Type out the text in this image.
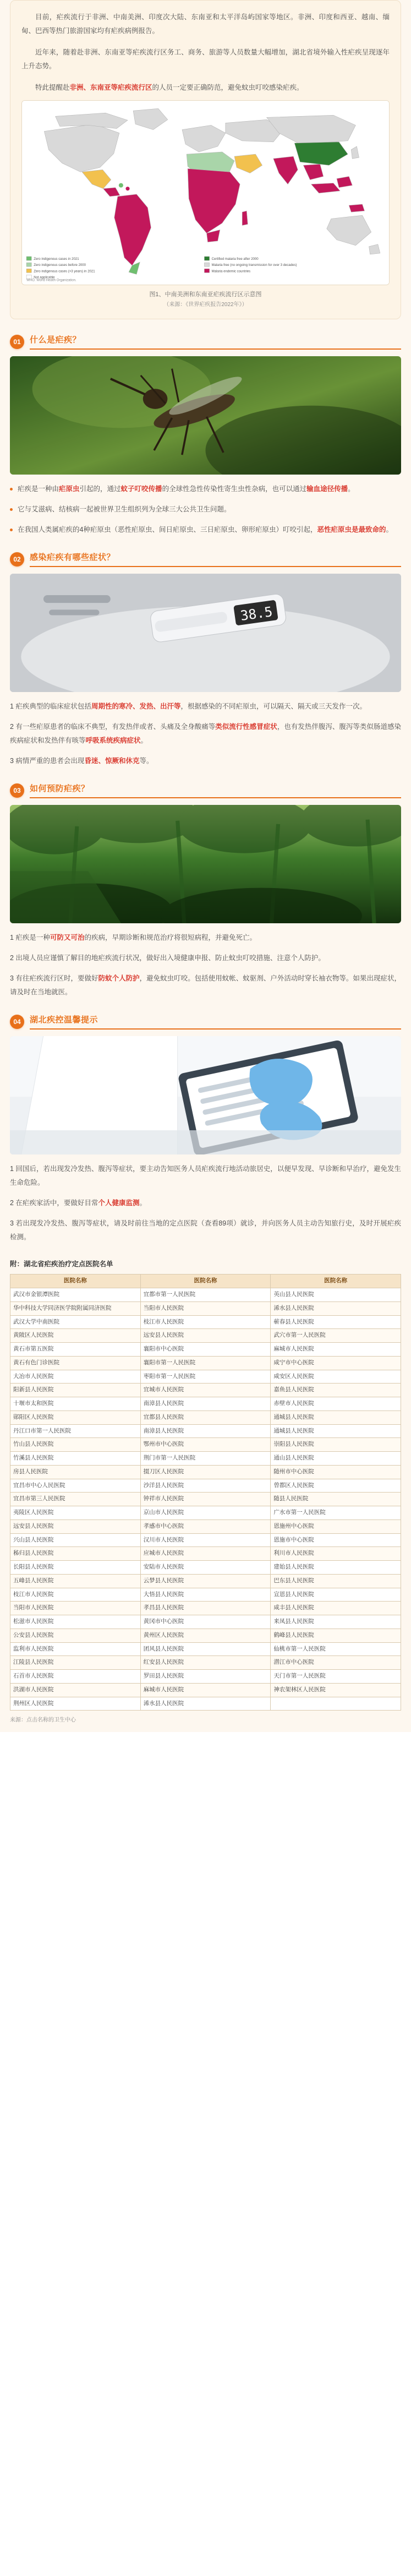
目前，疟疾流行于非洲、中南美洲、印度次大陆、东南亚和太平洋岛屿国家等地区。非洲、印度和西亚、越南、缅甸、巴西等热门旅游国家均有疟疾病例报告。

近年来，随着赴非洲、东南亚等疟疾流行区务工、商务、旅游等人员数量大幅增加，湖北省境外输入性疟疾呈现逐年上升态势。

特此提醒赴非洲、东南亚等疟疾流行区的人员一定要正确防范，避免蚊虫叮咬感染疟疾。

Zero indigenous cases in 2021	Certified malaria free after 2000
Zero indigenous cases before 2000	Malaria free (no ongoing transmission for over 3 decades)
Zero indigenous cases (>3 years) in 2021	Malaria endemic countries
Not applicable
WHO. World Health Organization.
图1、中南美洲和东南亚疟疾流行区示意图
（来源：《世界疟疾报告2022年》）
01	什么是疟疾？
疟疾是一种由疟原虫引起的，通过蚊子叮咬传播的全球性急性传染性寄生虫性杂病，也可以通过输血途径传播。
它与艾滋病、结核病一起被世界卫生组织列为全球三大公共卫生问题。
在我国人类属疟疾的4种疟原虫（恶性疟原虫、间日疟原虫、三日疟原虫、卵形疟原虫）叮咬引起，恶性疟原虫是最致命的。
02	感染疟疾有哪些症状？
38.5
1 疟疾典型的临床症状包括周期性的寒冷、发热、出汗等，根据感染的不同疟原虫，可以隔天、隔天或三天发作一次。
2 有一些疟原患者的临床不典型，有发热伴或者、头痛及全身酸痛等类似流行性感冒症状，也有发热伴腹泻、腹泻等类似肠道感染疾病症状和发热伴有咳等呼吸系统疾病症状。
3 病情严重的患者会出现昏迷、惊厥和休克等。
03	如何预防疟疾？
1 疟疾是一种可防又可治的疾病，早期诊断和规范治疗将很短病程，并避免死亡。
2 出境人员应谨慎了解目的地疟疾流行状况，做好出入境健康申报、防止蚊虫叮咬措施、注意个人防护。
3 有往疟疾流行区时，要做好防蚊个人防护，避免蚊虫叮咬。包括使用蚊帐、蚊驱剂、户外活动时穿长袖衣物等。如果出现症状，请及时在当地就医。
04	湖北疾控温馨提示
1 回国后，若出现发冷发热、腹泻等症状，要主动告知医务人员疟疾流行地活动旅居史，以便早发现、早诊断和早治疗，避免发生生命危险。
2 在疟疾家活中，要做好目常个人健康监测。
3 若出现发冷发热、腹泻等症状，请及时前往当地的定点医院（查看89项）就诊，并向医务人员主动告知旅行史，及时开展疟疾检测。
附：湖北省疟疾治疗定点医院名单
医院名称	医院名称	医院名称
武汉市金银潭医院	宜都市第一人民医院	英山县人民医院
华中科技大学同济医学院附属同济医院	当阳市人民医院	浠水县人民医院
武汉大学中南医院	枝江市人民医院	蕲春县人民医院
黄陂区人民医院	远安县人民医院	武穴市第一人民医院
黄石市第五医院	襄阳市中心医院	麻城市人民医院
黄石有色门诊医院	襄阳市第一人民医院	咸宁市中心医院
大冶市人民医院	枣阳市第一人民医院	咸安区人民医院
阳新县人民医院	宜城市人民医院	嘉鱼县人民医院
十堰市太和医院	南漳县人民医院	赤壁市人民医院
郧阳区人民医院	宜都县人民医院	通城县人民医院
丹江口市第一人民医院	南漳县人民医院	通城县人民医院
竹山县人民医院	鄂州市中心医院	崇阳县人民医院
竹溪县人民医院	荆门市第一人民医院	通山县人民医院
房县人民医院	掇刀区人民医院	随州市中心医院
宜昌市中心人民医院	沙洋县人民医院	曾都区人民医院
宜昌市第三人民医院	钟祥市人民医院	随县人民医院
夷陵区人民医院	京山市人民医院	广水市第一人民医院
远安县人民医院	孝感市中心医院	恩施州中心医院
兴山县人民医院	汉川市人民医院	恩施市中心医院
秭归县人民医院	应城市人民医院	利川市人民医院
长阳县人民医院	安陆市人民医院	建始县人民医院
五峰县人民医院	云梦县人民医院	巴东县人民医院
枝江市人民医院	大悟县人民医院	宣恩县人民医院
当阳市人民医院	孝昌县人民医院	咸丰县人民医院
松滋市人民医院	黄冈市中心医院	来凤县人民医院
公安县人民医院	黄州区人民医院	鹤峰县人民医院
监利市人民医院	团风县人民医院	仙桃市第一人民医院
江陵县人民医院	红安县人民医院	潜江市中心医院
石首市人民医院	罗田县人民医院	天门市第一人民医院
洪湖市人民医院	麻城市人民医院	神农架林区人民医院
荆州区人民医院	浠水县人民医院	
来源：点击名称的卫生中心
